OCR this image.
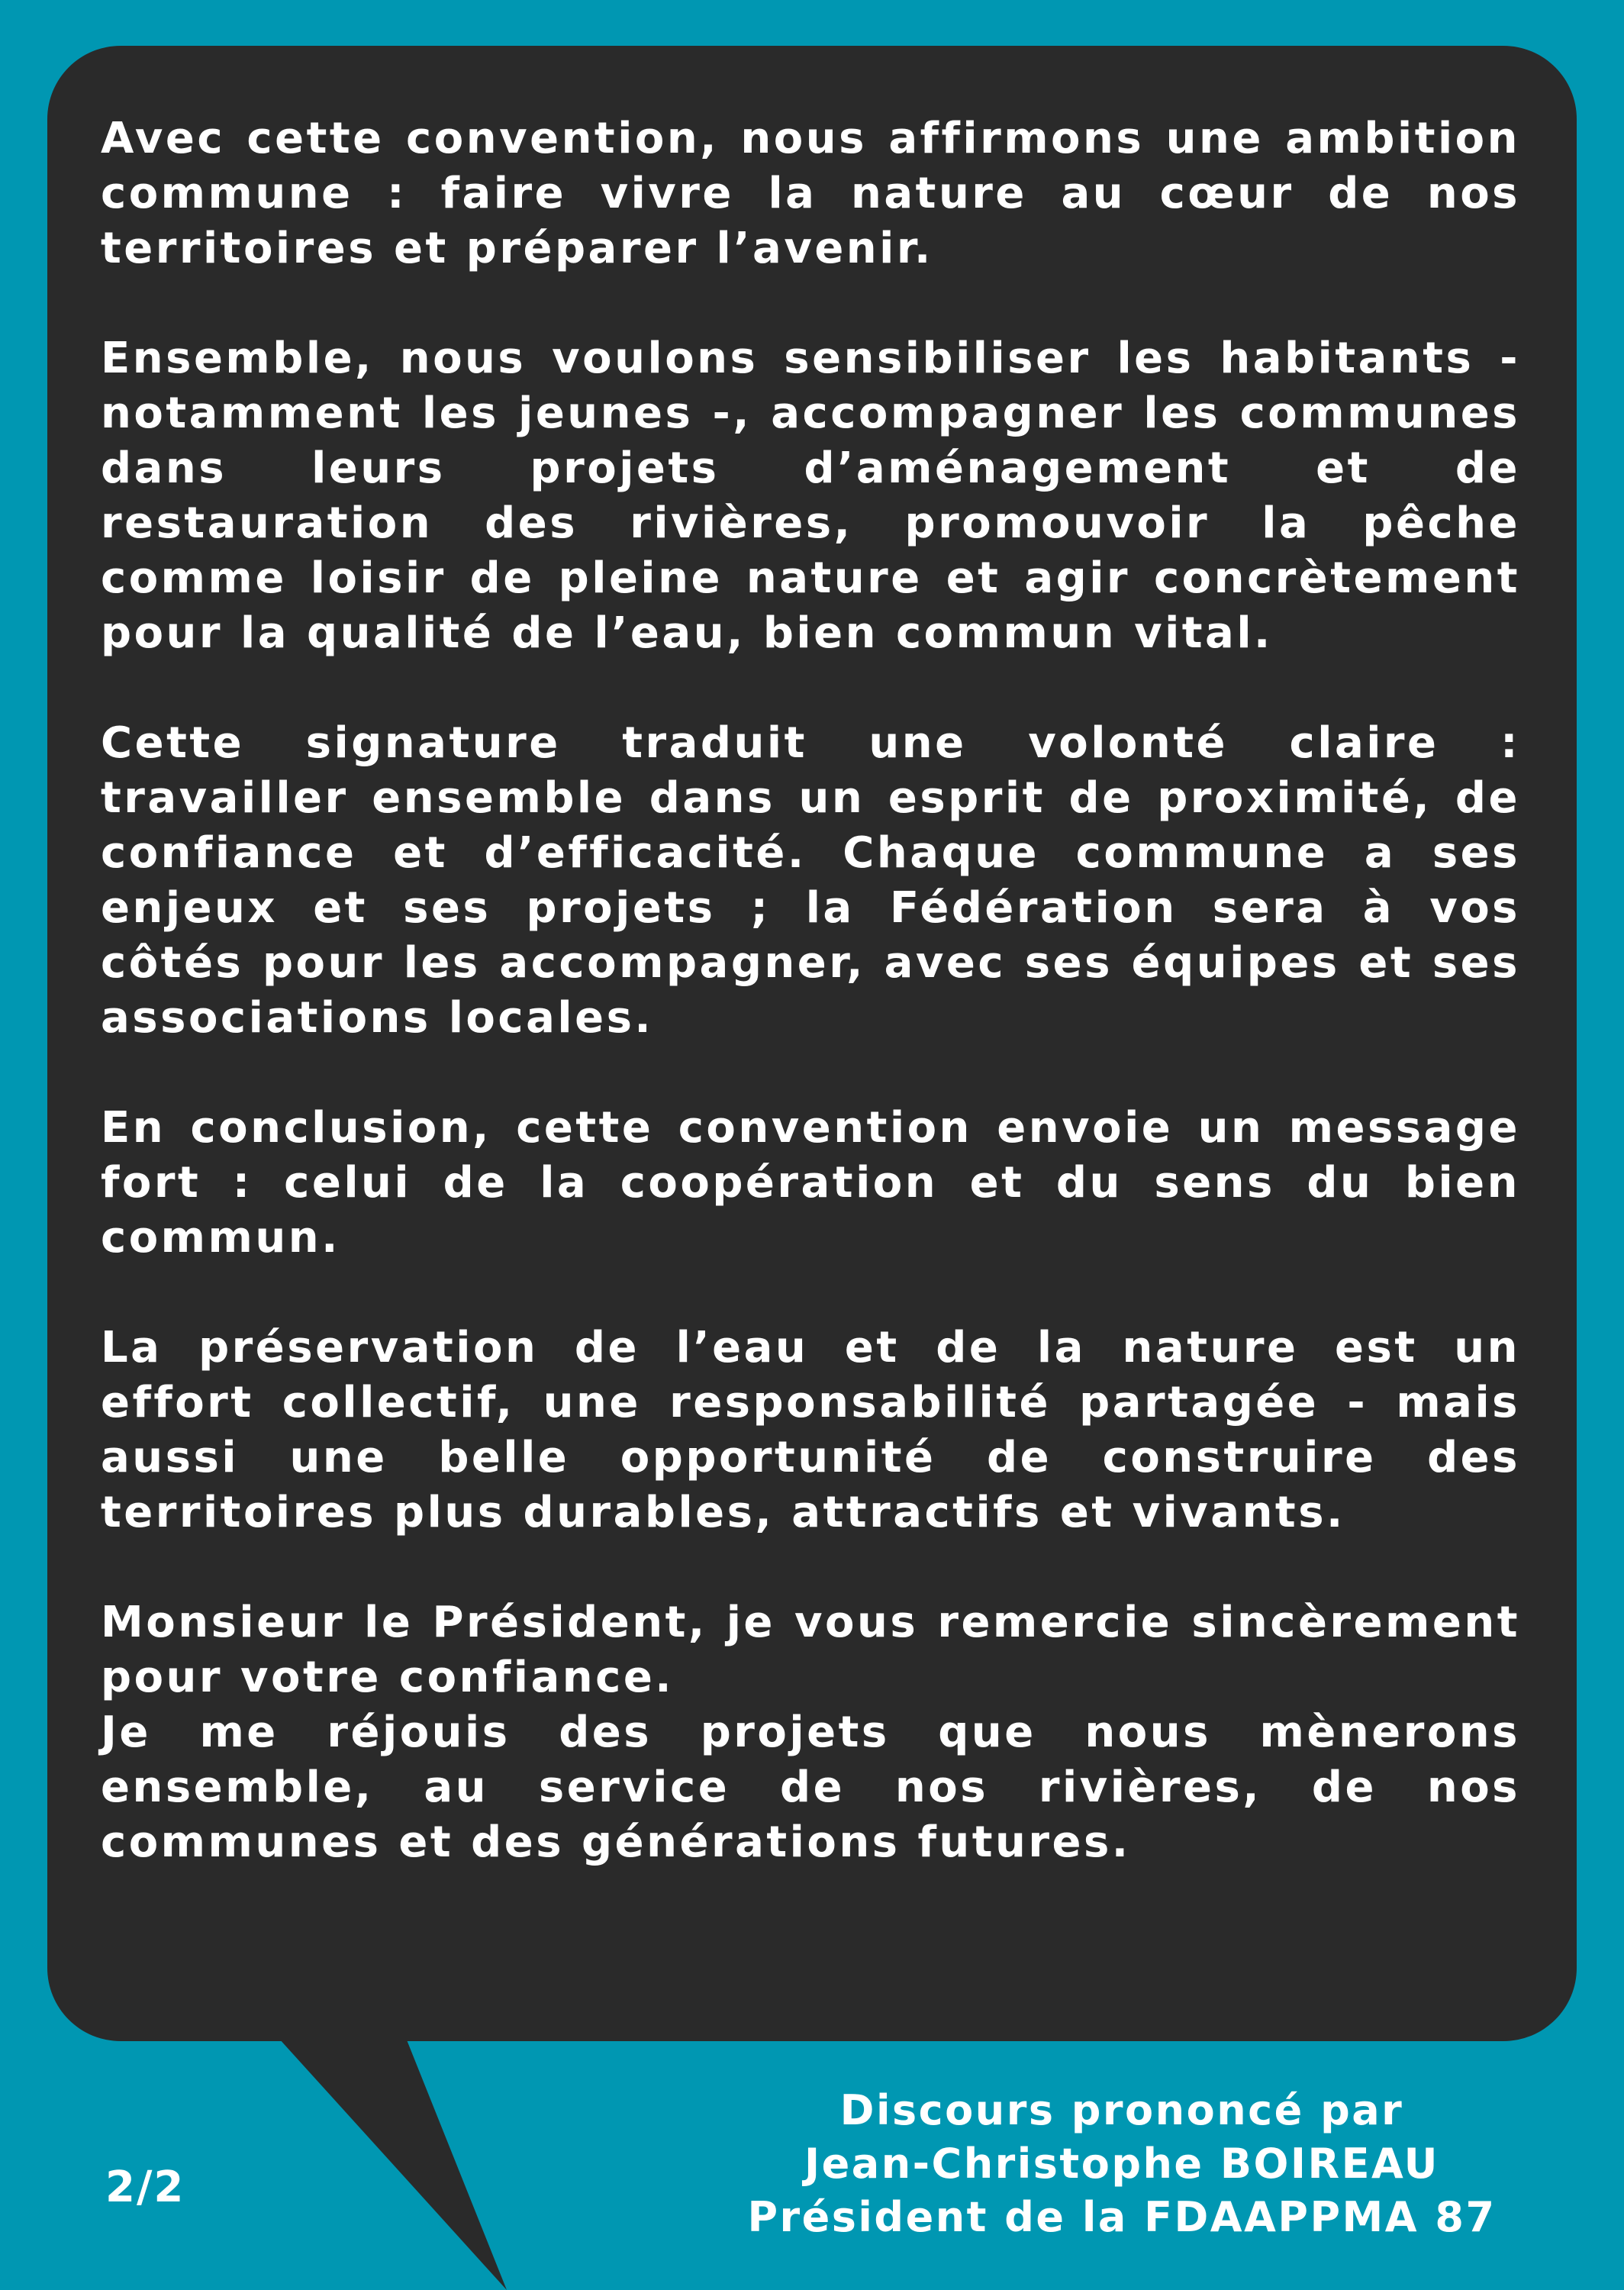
Avec cette convention, nous affirmons une ambition commune : faire vivre la nature au cœur de nos territoires et préparer l’avenir.

Ensemble, nous voulons sensibiliser les habitants - notamment les jeunes -, accompagner les communes dans leurs projets d’aménagement et de restauration des rivières, promouvoir la pêche comme loisir de pleine nature et agir concrètement pour la qualité de l’eau, bien commun vital.

Cette signature traduit une volonté claire : travailler ensemble dans un esprit de proximité, de confiance et d’efficacité. Chaque commune a ses enjeux et ses projets ; la Fédération sera à vos côtés pour les accompagner, avec ses équipes et ses associations locales.

En conclusion, cette convention envoie un message fort : celui de la coopération et du sens du bien commun.

La préservation de l’eau et de la nature est un effort collectif, une responsabilité partagée - mais aussi une belle opportunité de construire des territoires plus durables, attractifs et vivants.

Monsieur le Président, je vous remercie sincèrement pour votre confiance.
Je me réjouis des projets que nous mènerons ensemble, au service de nos rivières, de nos communes et des générations futures.

2/2
Discours prononcé par
Jean-Christophe BOIREAU
Président de la FDAAPPMA 87
